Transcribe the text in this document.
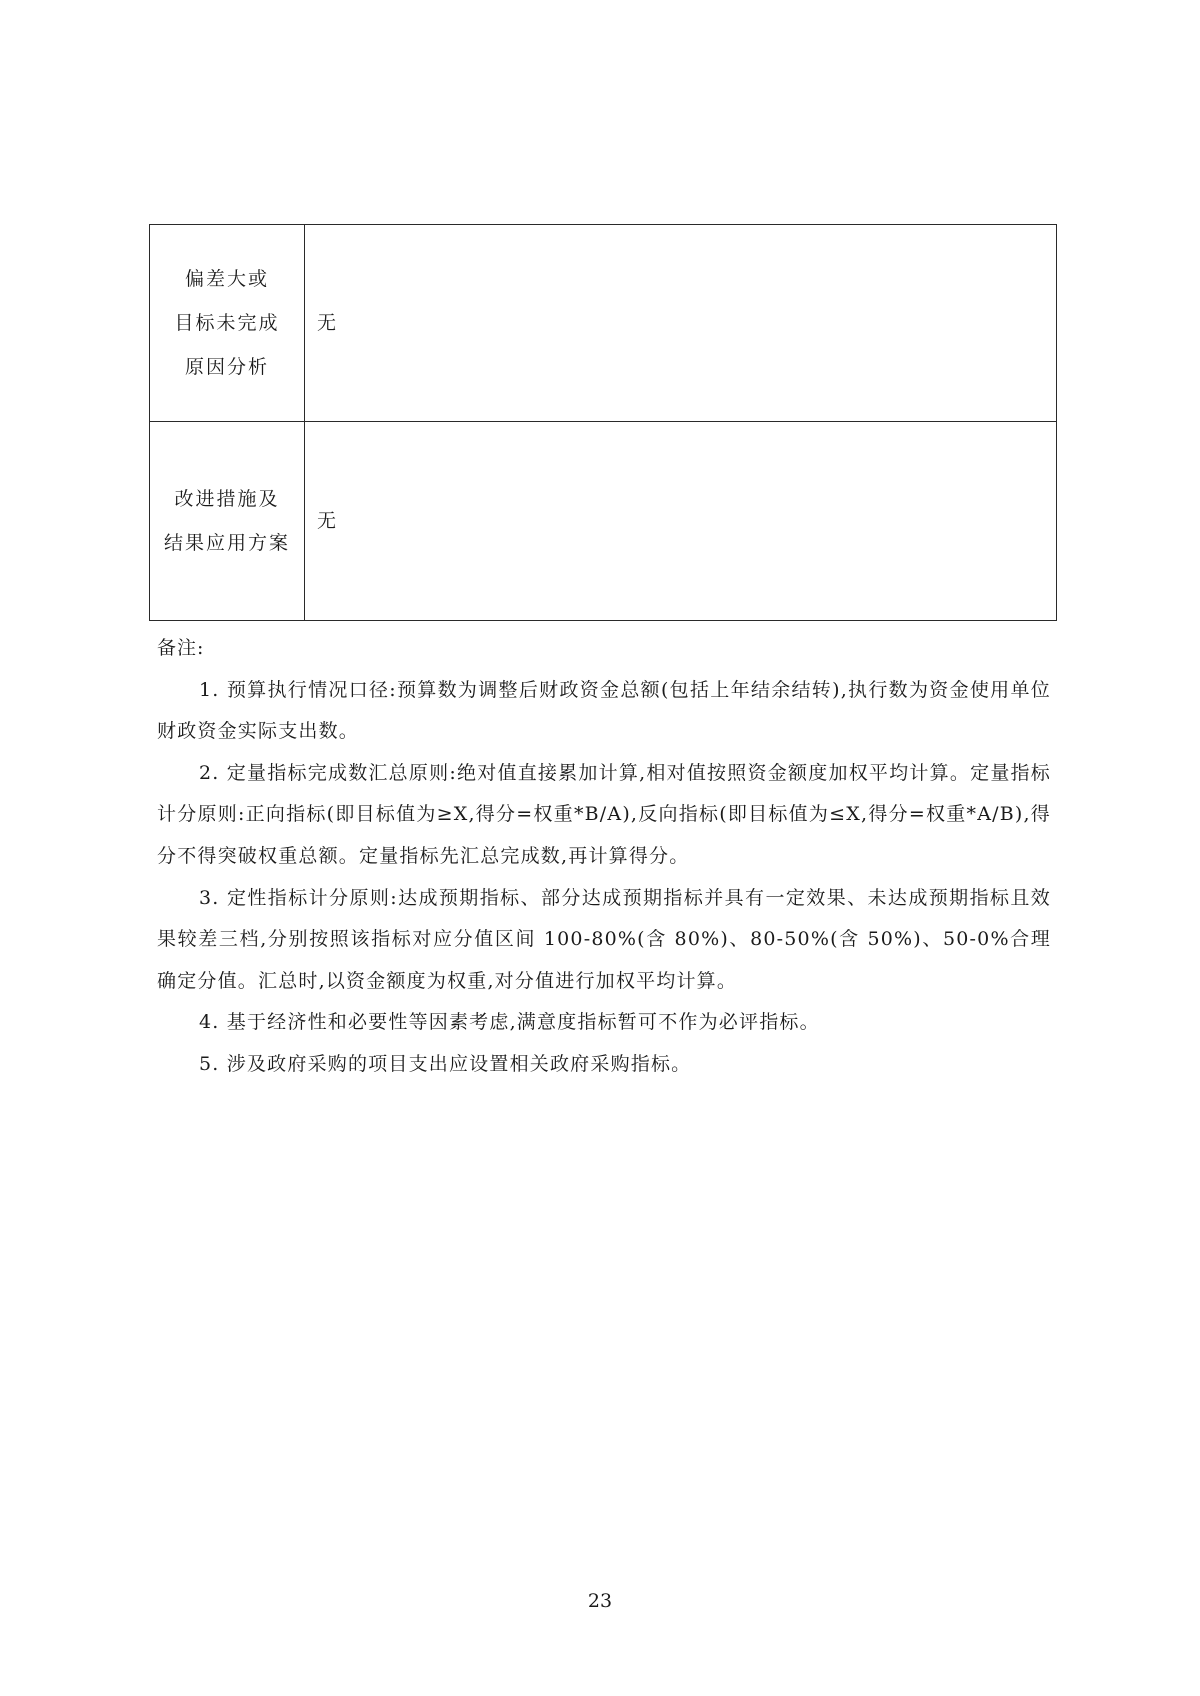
偏差大或
目标未完成
原因分析	无

改进措施及
结果应用方案	无

备注:

1. 预算执行情况口径:预算数为调整后财政资金总额(包括上年结余结转),执行数为资金使用单位财政资金实际支出数。

2. 定量指标完成数汇总原则:绝对值直接累加计算,相对值按照资金额度加权平均计算。定量指标计分原则:正向指标(即目标值为≥X,得分=权重*B/A),反向指标(即目标值为≤X,得分=权重*A/B),得分不得突破权重总额。定量指标先汇总完成数,再计算得分。

3. 定性指标计分原则:达成预期指标、部分达成预期指标并具有一定效果、未达成预期指标且效果较差三档,分别按照该指标对应分值区间 100-80%(含 80%)、80-50%(含 50%)、50-0%合理确定分值。汇总时,以资金额度为权重,对分值进行加权平均计算。

4. 基于经济性和必要性等因素考虑,满意度指标暂可不作为必评指标。

5. 涉及政府采购的项目支出应设置相关政府采购指标。

23
